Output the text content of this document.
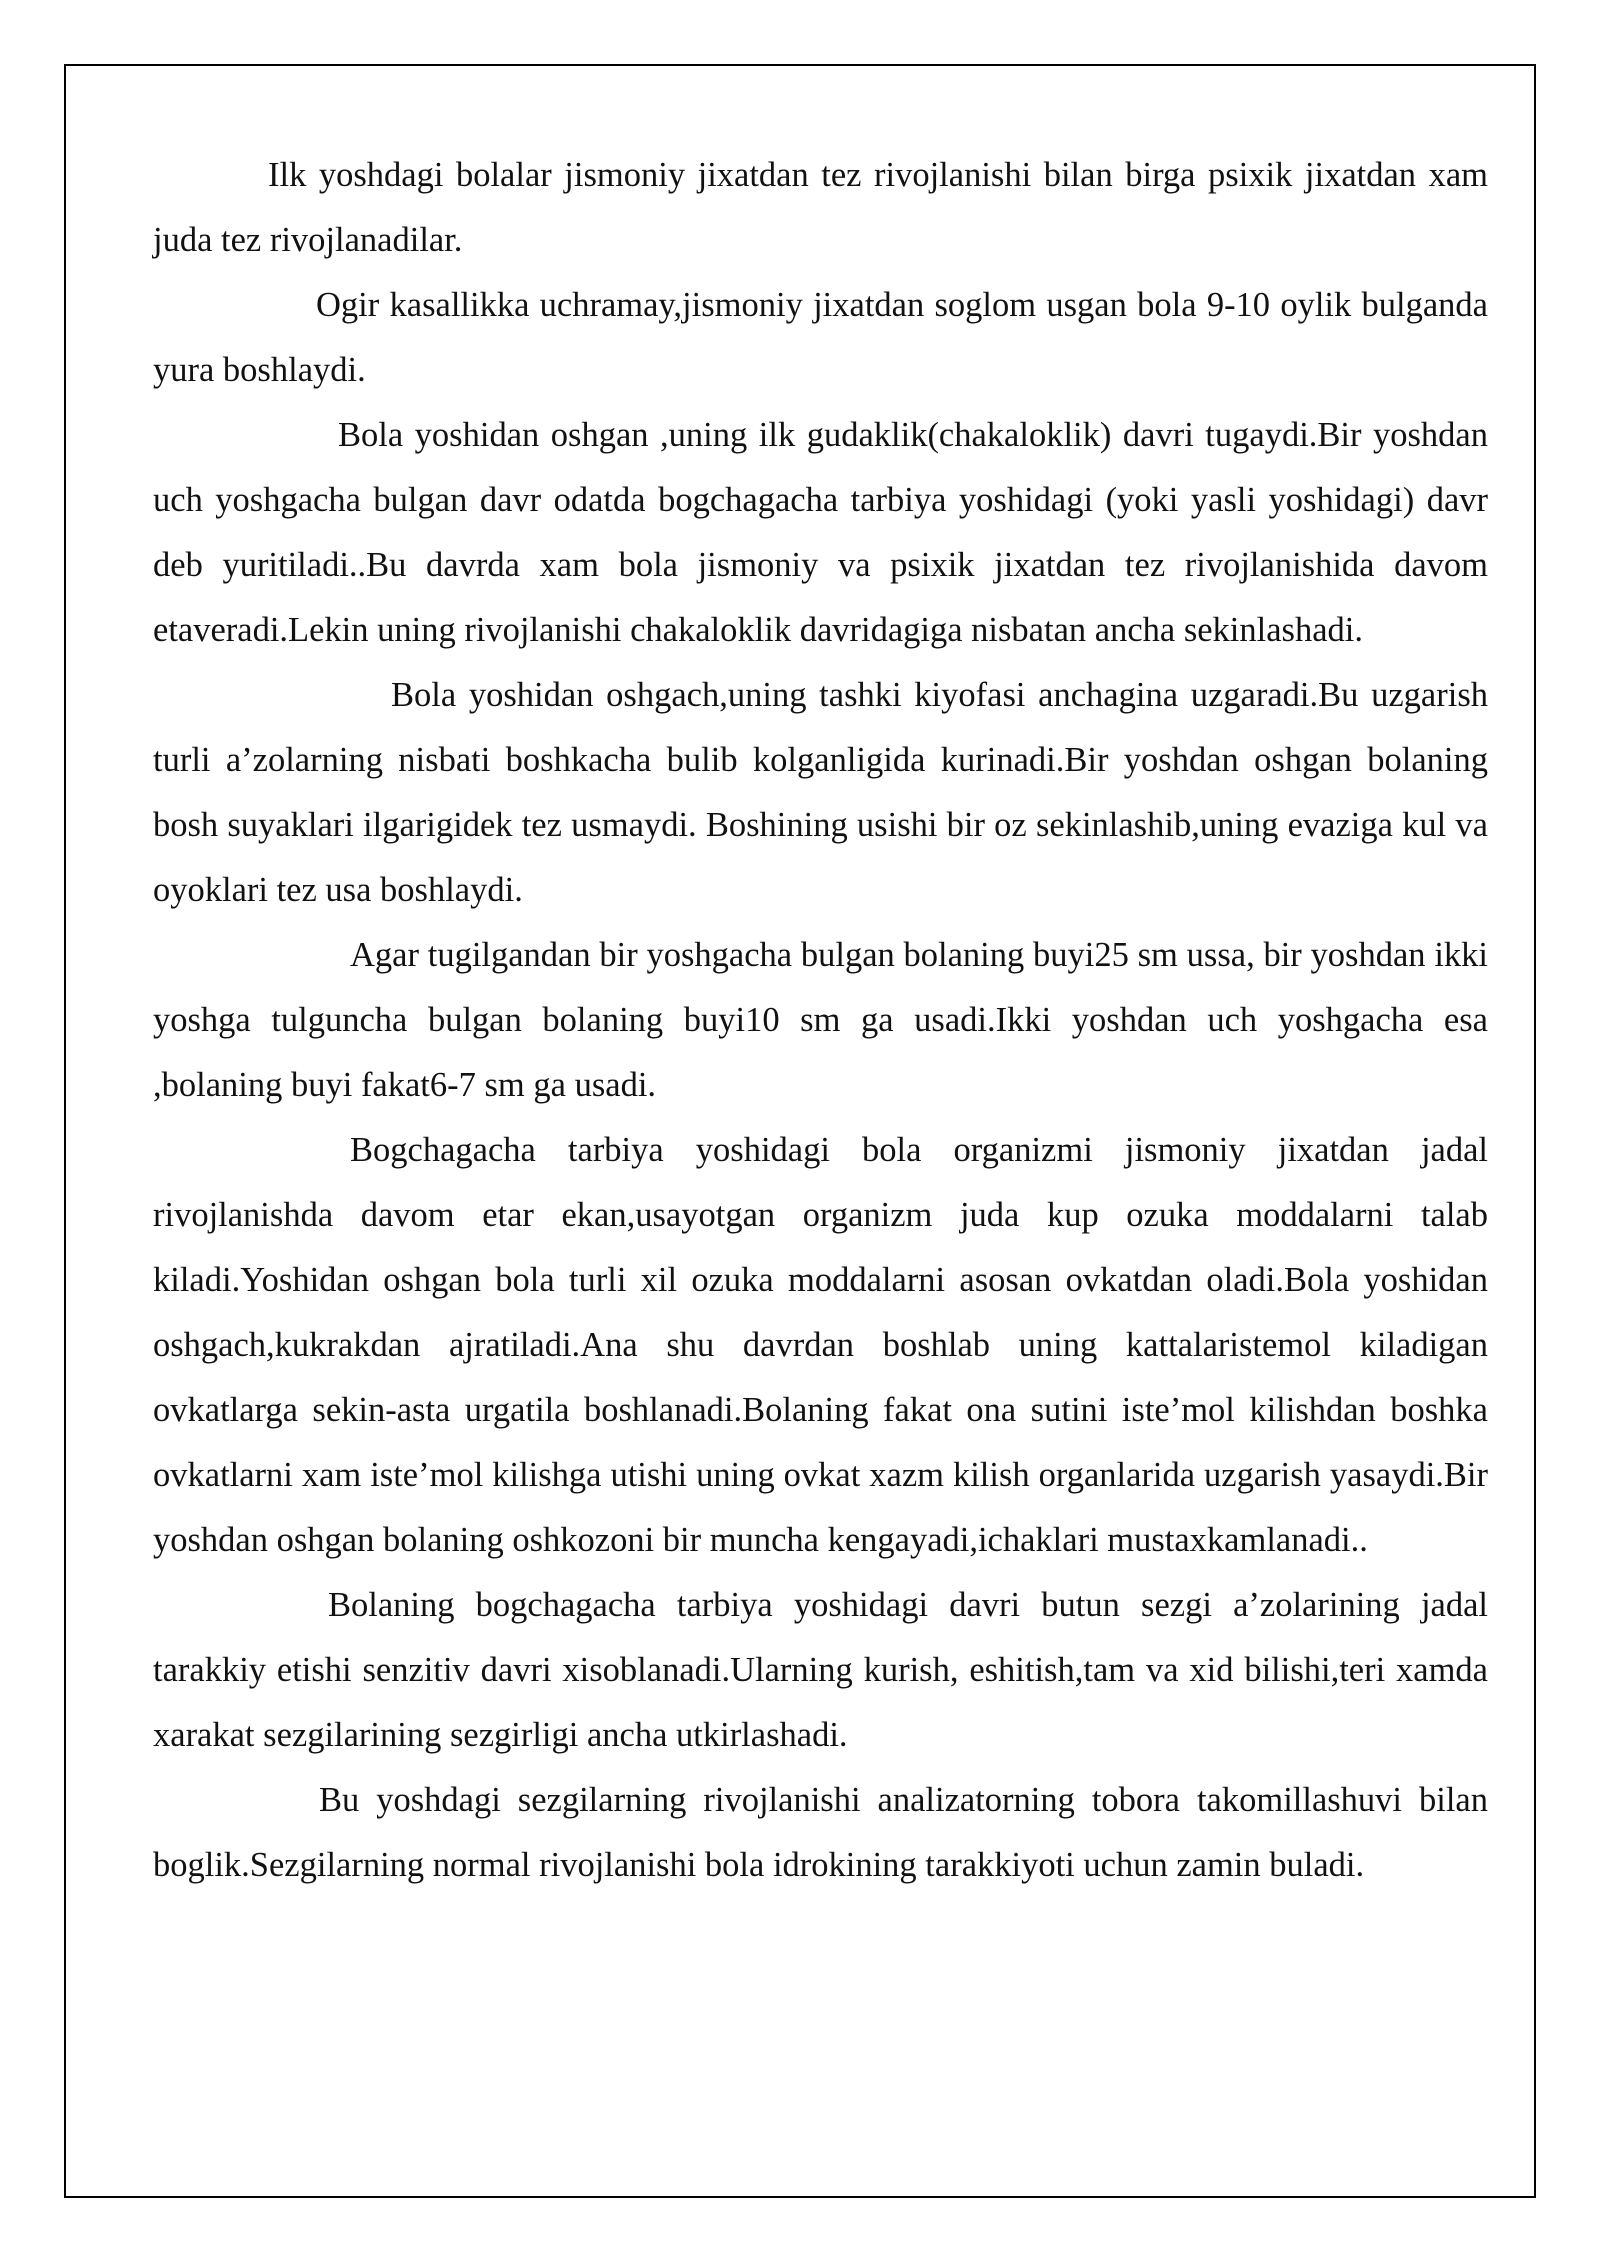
Ilk yoshdagi bolalar jismoniy jixatdan tez rivojlanishi bilan birga psixik jixatdan xam juda tez rivojlanadilar.

Ogir kasallikka uchramay,jismoniy jixatdan soglom usgan bola 9-10 oylik bulganda yura boshlaydi.

Bola yoshidan oshgan ,uning ilk gudaklik(chakaloklik) davri tugaydi.Bir yoshdan uch yoshgacha bulgan davr odatda bogchagacha tarbiya yoshidagi (yoki yasli yoshidagi) davr deb yuritiladi..Bu davrda xam bola jismoniy va psixik jixatdan tez rivojlanishida davom etaveradi.Lekin uning rivojlanishi chakaloklik davridagiga nisbatan ancha sekinlashadi.

Bola yoshidan oshgach,uning tashki kiyofasi anchagina uzgaradi.Bu uzgarish turli a’zolarning nisbati boshkacha bulib kolganligida kurinadi.Bir yoshdan oshgan bolaning bosh suyaklari ilgarigidek tez usmaydi. Boshining usishi bir oz sekinlashib,uning evaziga kul va oyoklari tez usa boshlaydi.

Agar tugilgandan bir yoshgacha bulgan bolaning buyi25 sm ussa, bir yoshdan ikki yoshga tulguncha bulgan bolaning buyi10 sm ga usadi.Ikki yoshdan uch yoshgacha esa ,bolaning buyi fakat6-7 sm ga usadi.

Bogchagacha tarbiya yoshidagi bola organizmi jismoniy jixatdan jadal rivojlanishda davom etar ekan,usayotgan organizm juda kup ozuka moddalarni talab kiladi.Yoshidan oshgan bola turli xil ozuka moddalarni asosan ovkatdan oladi.Bola yoshidan oshgach,kukrakdan ajratiladi.Ana shu davrdan boshlab uning kattalaristemol kiladigan ovkatlarga sekin-asta urgatila boshlanadi.Bolaning fakat ona sutini iste’mol kilishdan boshka ovkatlarni xam iste’mol kilishga utishi uning ovkat xazm kilish organlarida uzgarish yasaydi.Bir yoshdan oshgan bolaning oshkozoni bir muncha kengayadi,ichaklari mustaxkamlanadi..

Bolaning bogchagacha tarbiya yoshidagi davri butun sezgi a’zolarining jadal tarakkiy etishi senzitiv davri xisoblanadi.Ularning kurish, eshitish,tam va xid bilishi,teri xamda xarakat sezgilarining sezgirligi ancha utkirlashadi.

Bu yoshdagi sezgilarning rivojlanishi analizatorning tobora takomillashuvi bilan boglik.Sezgilarning normal rivojlanishi bola idrokining tarakkiyoti uchun zamin buladi.
